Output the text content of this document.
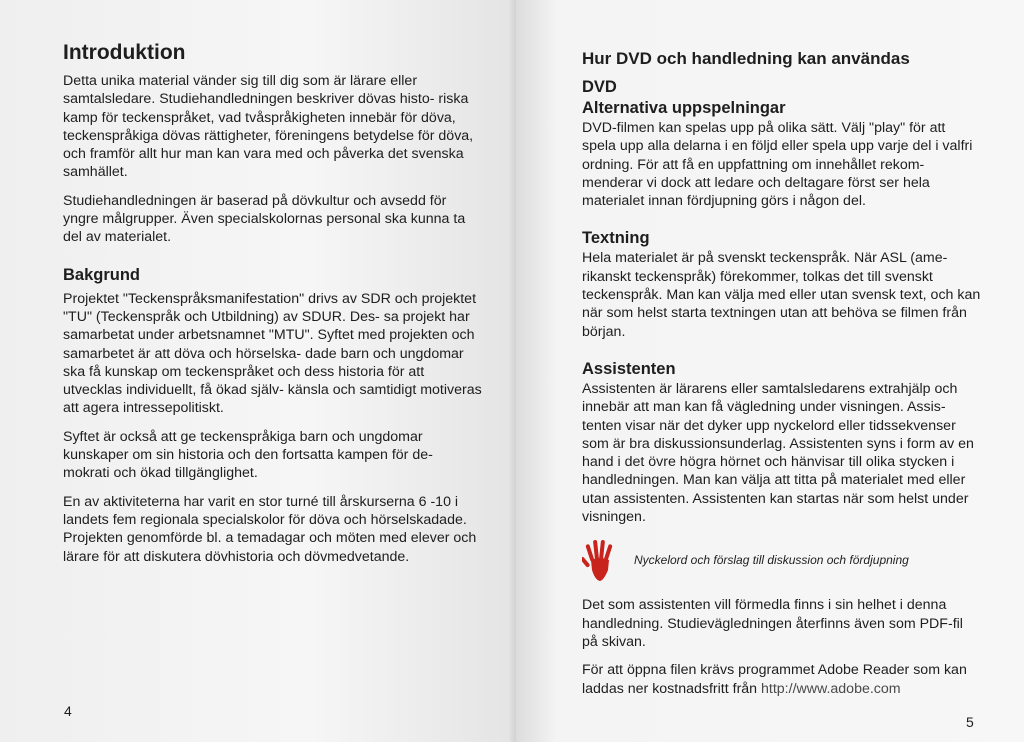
Introduktion

Detta unika material vänder sig till dig som är lärare eller samtalsledare. Studiehandledningen beskriver dövas histo- riska kamp för teckenspråket, vad tvåspråkigheten innebär för döva, teckenspråkiga dövas rättigheter, föreningens betydelse för döva, och framför allt hur man kan vara med och påverka det svenska samhället.

Studiehandledningen är baserad på dövkultur och avsedd för yngre målgrupper. Även specialskolornas personal ska kunna ta del av materialet.

Bakgrund

Projektet "Teckenspråksmanifestation" drivs av SDR och projektet "TU" (Teckenspråk och Utbildning) av SDUR. Des- sa projekt har samarbetat under arbetsnamnet "MTU". Syftet med projekten och samarbetet är att döva och hörselska- dade barn och ungdomar ska få kunskap om teckenspråket och dess historia för att utvecklas individuellt, få ökad själv- känsla och samtidigt motiveras att agera intressepolitiskt.

Syftet är också att ge teckenspråkiga barn och ungdomar kunskaper om sin historia och den fortsatta kampen för de- mokrati och ökad tillgänglighet.

En av aktiviteterna har varit en stor turné till årskurserna 6 -10 i landets fem regionala specialskolor för döva och hörselskadade. Projekten genomförde bl. a temadagar och möten med elever och lärare för att diskutera dövhistoria och dövmedvetande.

4
Hur DVD och handledning kan användas
DVD
Alternativa uppspelningar

DVD-filmen kan spelas upp på olika sätt. Välj "play" för att spela upp alla delarna i en följd eller spela upp varje del i valfri ordning. För att få en uppfattning om innehållet rekom- menderar vi dock att ledare och deltagare först ser hela materialet innan fördjupning görs i någon del.

Textning

Hela materialet är på svenskt teckenspråk. När ASL (ame- rikanskt teckenspråk) förekommer, tolkas det till svenskt teckenspråk. Man kan välja med eller utan svensk text, och kan när som helst starta textningen utan att behöva se filmen från början.

Assistenten

Assistenten är lärarens eller samtalsledarens extrahjälp och innebär att man kan få vägledning under visningen. Assis- tenten visar när det dyker upp nyckelord eller tidssekvenser som är bra diskussionsunderlag. Assistenten syns i form av en hand i det övre högra hörnet och hänvisar till olika stycken i handledningen. Man kan välja att titta på materialet med eller utan assistenten. Assistenten kan startas när som helst under visningen.

Nyckelord och förslag till diskussion och fördjupning

Det som assistenten vill förmedla finns i sin helhet i denna handledning. Studievägledningen återfinns även som PDF-fil på skivan.

För att öppna filen krävs programmet Adobe Reader som kan laddas ner kostnadsfritt från http://www.adobe.com

5
